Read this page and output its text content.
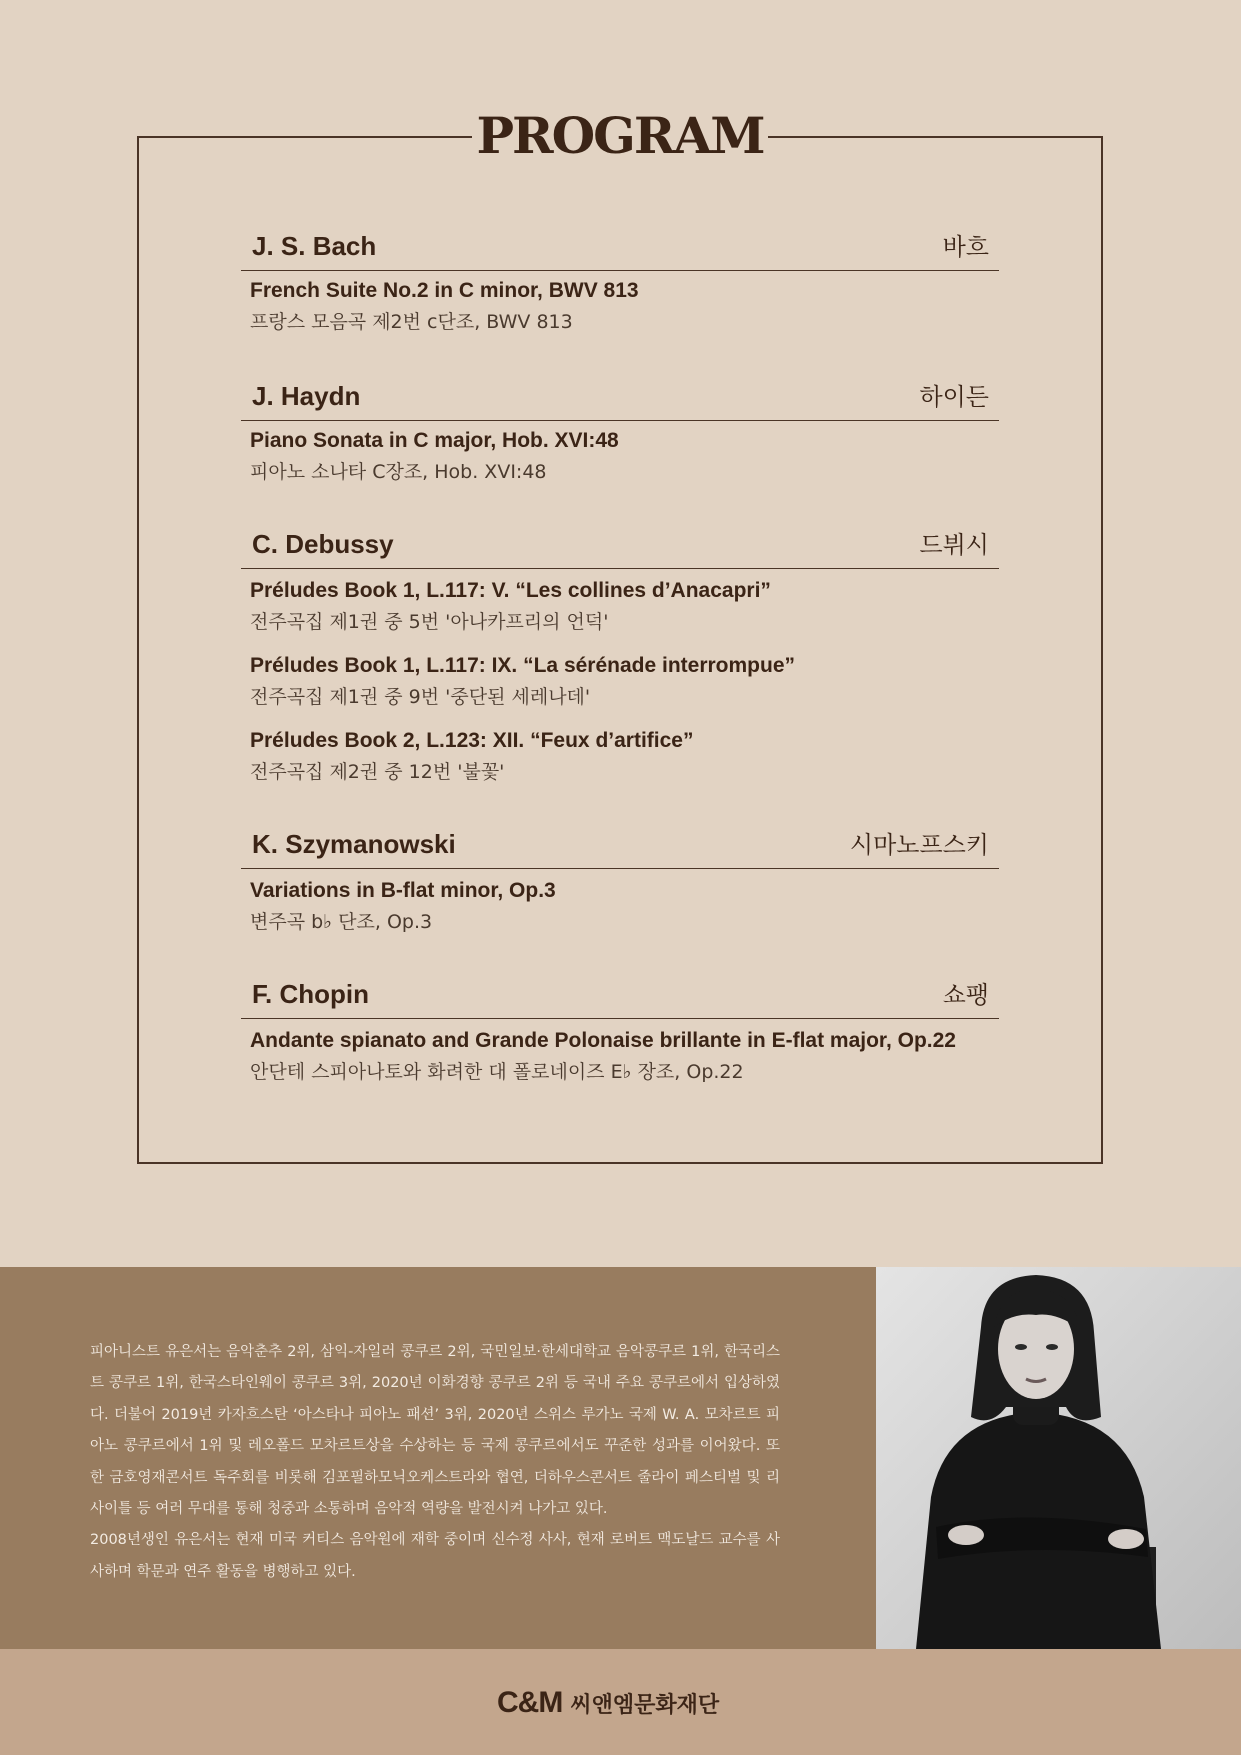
PROGRAM
J. S. Bach	바흐
French Suite No.2 in C minor, BWV 813
프랑스 모음곡 제2번 c단조, BWV 813
J. Haydn	하이든
Piano Sonata in C major, Hob. XVI:48
피아노 소나타 C장조, Hob. XVI:48
C. Debussy	드뷔시
Préludes Book 1, L.117: V. “Les collines d’Anacapri”
전주곡집 제1권 중 5번 '아나카프리의 언덕'
Préludes Book 1, L.117: IX. “La sérénade interrompue”
전주곡집 제1권 중 9번 '중단된 세레나데'
Préludes Book 2, L.123: XII. “Feux d’artifice”
전주곡집 제2권 중 12번 '불꽃'
K. Szymanowski	시마노프스키
Variations in B-flat minor, Op.3
변주곡 b♭ 단조, Op.3
F. Chopin	쇼팽
Andante spianato and Grande Polonaise brillante in E-flat major, Op.22
안단테 스피아나토와 화려한 대 폴로네이즈 E♭ 장조, Op.22

피아니스트 유은서는 음악춘추 2위, 삼익-자일러 콩쿠르 2위, 국민일보·한세대학교 음악콩쿠르 1위, 한국리스트 콩쿠르 1위, 한국스타인웨이 콩쿠르 3위, 2020년 이화경향 콩쿠르 2위 등 국내 주요 콩쿠르에서 입상하였다. 더불어 2019년 카자흐스탄 ‘아스타나 피아노 패션’ 3위, 2020년 스위스 루가노 국제 W. A. 모차르트 피아노 콩쿠르에서 1위 및 레오폴드 모차르트상을 수상하는 등 국제 콩쿠르에서도 꾸준한 성과를 이어왔다. 또한 금호영재콘서트 독주회를 비롯해 김포필하모닉오케스트라와 협연, 더하우스콘서트 줄라이 페스티벌 및 리사이틀 등 여러 무대를 통해 청중과 소통하며 음악적 역량을 발전시켜 나가고 있다.

2008년생인 유은서는 현재 미국 커티스 음악원에 재학 중이며 신수정 사사, 현재 로버트 맥도날드 교수를 사사하며 학문과 연주 활동을 병행하고 있다.

C&M 씨앤엠문화재단
